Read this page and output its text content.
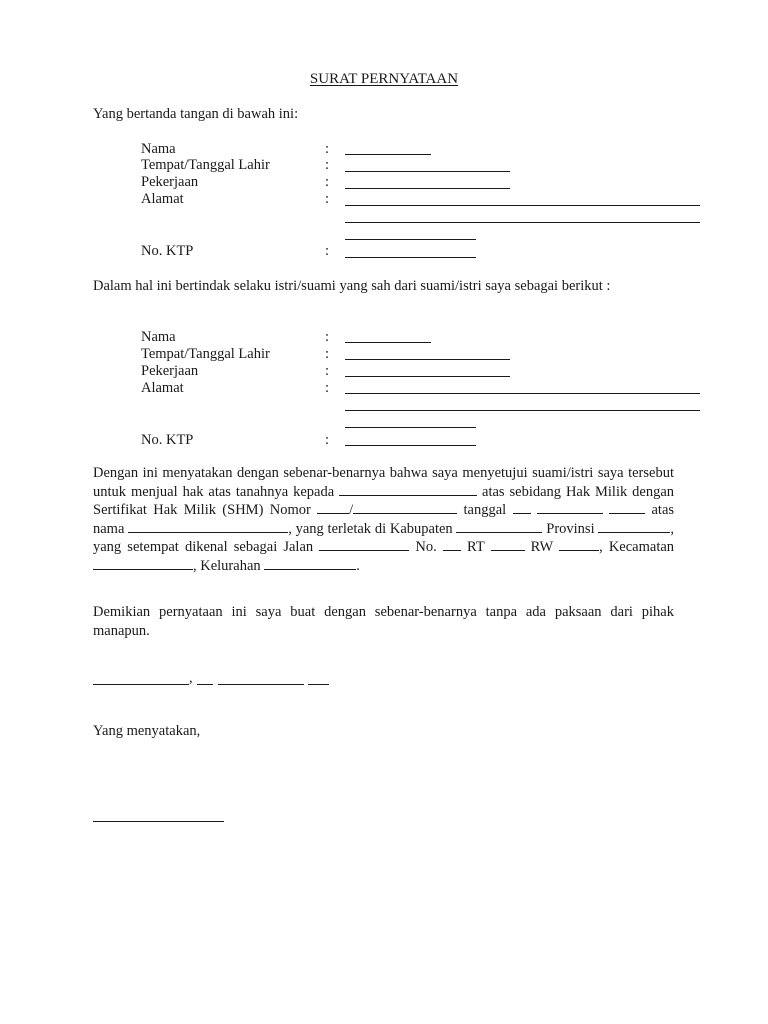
SURAT PERNYATAAN
Yang bertanda tangan di bawah ini:
Nama	:
Tempat/Tanggal Lahir	:
Pekerjaan	:
Alamat	:
No. KTP	:
Dalam hal ini bertindak selaku istri/suami yang sah dari suami/istri saya sebagai berikut :
Nama	:
Tempat/Tanggal Lahir	:
Pekerjaan	:
Alamat	:
No. KTP	:
Dengan ini menyatakan dengan sebenar-benarnya bahwa saya menyetujui suami/istri saya tersebut untuk menjual hak atas tanahnya kepada	atas sebidang Hak Milik dengan Sertifikat Hak Milik (SHM) Nomor	/	tanggal	atas nama	, yang terletak di Kabupaten	Provinsi	, yang setempat dikenal sebagai Jalan	No. RT	RW	, Kecamatan , Kelurahan	.
Demikian pernyataan ini saya buat dengan sebenar-benarnya tanpa ada paksaan dari pihak manapun.
,
Yang menyatakan,
